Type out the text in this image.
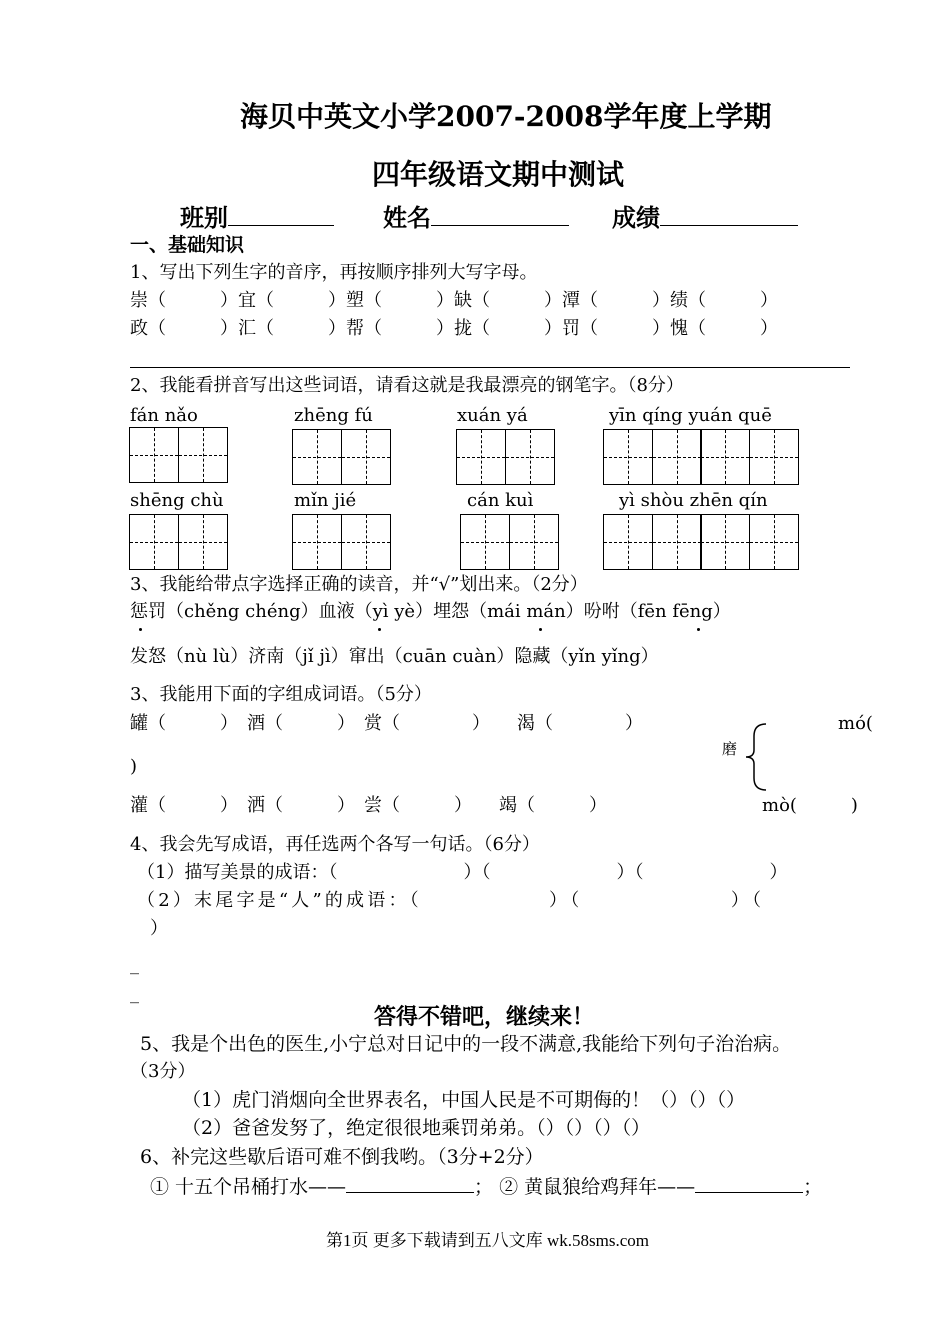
海贝中英文小学2007-2008学年度上学期
四年级语文期中测试
班别	姓名	成绩
一、基础知识
1、写出下列生字的音序，再按顺序排列大写字母。
崇（　　　）宜（　　　）塑（　　　）缺（　　　）潭（　　　）绩（　　　）
政（　　　）汇（　　　）帮（　　　）拢（　　　）罚（　　　）愧（　　　）
2、我能看拼音写出这些词语，请看这就是我最漂亮的钢笔字。（8分）
fán nǎo	zhēng fú	xuán yá	yīn qíng yuán quē
shēng chù	mǐn jié	cán kuì	yì shòu zhēn qín
3、我能给带点字选择正确的读音，并“√”划出来。（2分）
惩罚（chěng chéng）血液（yì yè）埋怨（mái mán）吩咐（fēn fēng）
发怒（nù lù）济南（jǐ jì）窜出（cuān cuàn）隐藏（yǐn yǐng）
3、我能用下面的字组成词语。（5分）
罐（　　　）　酒（　　　）　赏（　　　　）　　渴（　　　　）	mó(
)
磨
灌（　　　）　洒（　　　）　尝（　　　）　　竭（　　　）	mò(　　　)
4、我会先写成语，再任选两个各写一句话。（6分）
（1）描写美景的成语：（　　　　　　　）（　　　　　　　）（　　　　　　　）
（2）末尾字是“人”的成语：（　　　　　　）（　　　　　　　）（
）
_
_
答得不错吧，继续来！
5、我是个出色的医生,小宁总对日记中的一段不满意,我能给下列句子治治病。
（3分）
（1）虎门消烟向全世界表名，中国人民是不可期侮的！（）（）（）
（2）爸爸发努了，绝定很很地乘罚弟弟。（）（）（）（）
6、补完这些歇后语可难不倒我哟。（3分+2分）
① 十五个吊桶打水——	； ② 黄鼠狼给鸡拜年——	；
第1页 更多下载请到五八文库 wk.58sms.com
